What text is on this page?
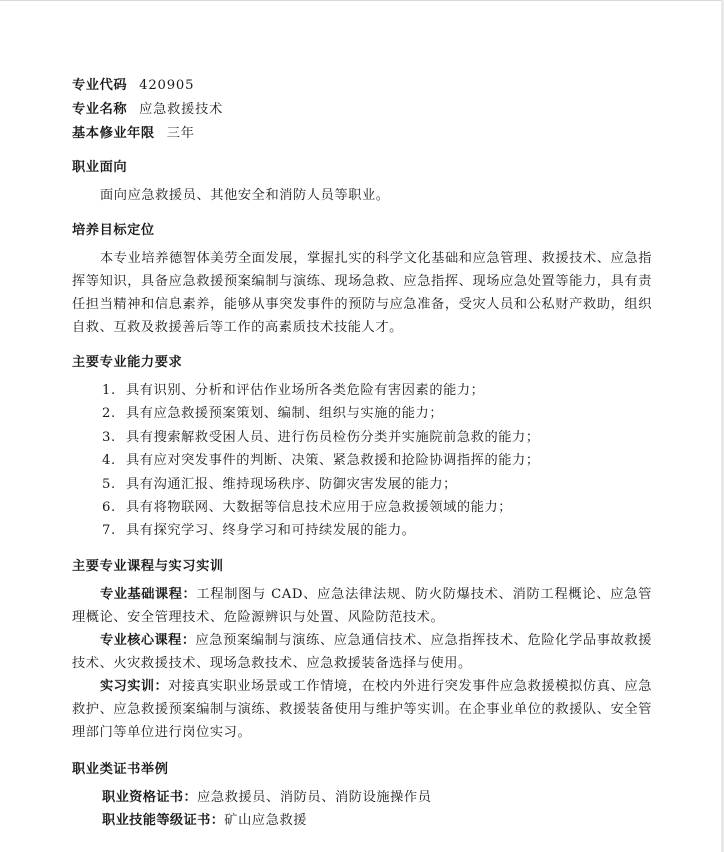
专业代码 420905
专业名称 应急救援技术
基本修业年限 三年
职业面向

面向应急救援员、其他安全和消防人员等职业。

培养目标定位

本专业培养德智体美劳全面发展，掌握扎实的科学文化基础和应急管理、救援技术、应急指挥等知识，具备应急救援预案编制与演练、现场急救、应急指挥、现场应急处置等能力，具有责任担当精神和信息素养，能够从事突发事件的预防与应急准备，受灾人员和公私财产救助，组织自救、互救及救援善后等工作的高素质技术技能人才。

主要专业能力要求
1. 具有识别、分析和评估作业场所各类危险有害因素的能力；
2. 具有应急救援预案策划、编制、组织与实施的能力；
3. 具有搜索解救受困人员、进行伤员检伤分类并实施院前急救的能力；
4. 具有应对突发事件的判断、决策、紧急救援和抢险协调指挥的能力；
5. 具有沟通汇报、维持现场秩序、防御灾害发展的能力；
6. 具有将物联网、大数据等信息技术应用于应急救援领域的能力；
7. 具有探究学习、终身学习和可持续发展的能力。
主要专业课程与实习实训

专业基础课程：工程制图与 CAD、应急法律法规、防火防爆技术、消防工程概论、应急管理概论、安全管理技术、危险源辨识与处置、风险防范技术。

专业核心课程：应急预案编制与演练、应急通信技术、应急指挥技术、危险化学品事故救援技术、火灾救援技术、现场急救技术、应急救援装备选择与使用。

实习实训：对接真实职业场景或工作情境，在校内外进行突发事件应急救援模拟仿真、应急救护、应急救援预案编制与演练、救援装备使用与维护等实训。在企事业单位的救援队、安全管理部门等单位进行岗位实习。

职业类证书举例
职业资格证书：应急救援员、消防员、消防设施操作员
职业技能等级证书：矿山应急救援
